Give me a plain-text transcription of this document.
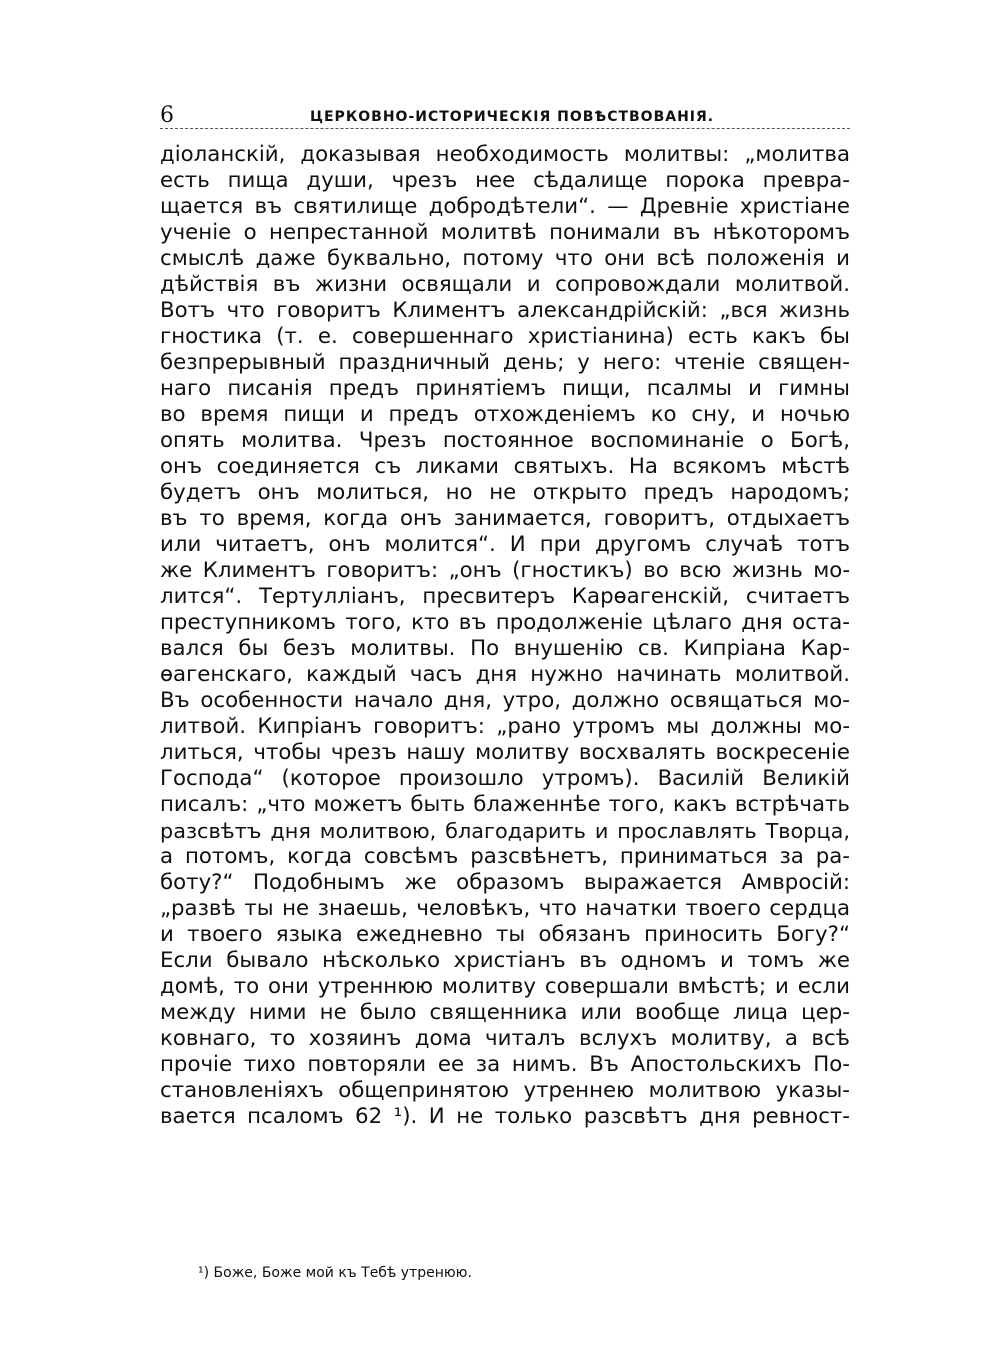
6	ЦЕРКОВНО-ИСТОРИЧЕСКІЯ ПОВѢСТВОВАНІЯ.
діоланскій, доказывая необходимость молитвы: „молитва
есть пища души, чрезъ нее сѣдалище порока превра-
щается въ святилище добродѣтели“. — Древніе христіане
ученіе о непрестанной молитвѣ понимали въ нѣкоторомъ
смыслѣ даже буквально, потому что они всѣ положенія и
дѣйствія въ жизни освящали и сопровождали молитвой.
Вотъ что говоритъ Климентъ александрійскій: „вся жизнь
гностика (т. е. совершеннаго христіанина) есть какъ бы
безпрерывный праздничный день; у него: чтеніе священ-
наго писанія предъ принятіемъ пищи, псалмы и гимны
во время пищи и предъ отхожденіемъ ко сну, и ночью
опять молитва. Чрезъ постоянное воспоминаніе о Богѣ,
онъ соединяется съ ликами святыхъ. На всякомъ мѣстѣ
будетъ онъ молиться, но не открыто предъ народомъ;
въ то время, когда онъ занимается, говоритъ, отдыхаетъ
или читаетъ, онъ молится“. И при другомъ случаѣ тотъ
же Климентъ говоритъ: „онъ (гностикъ) во всю жизнь мо-
лится“. Тертулліанъ, пресвитеръ Карѳагенскій, считаетъ
преступникомъ того, кто въ продолженіе цѣлаго дня оста-
вался бы безъ молитвы. По внушенію св. Кипріана Кар-
ѳагенскаго, каждый часъ дня нужно начинать молитвой.
Въ особенности начало дня, утро, должно освящаться мо-
литвой. Кипріанъ говоритъ: „рано утромъ мы должны мо-
литься, чтобы чрезъ нашу молитву восхвалять воскресеніе
Господа“ (которое произошло утромъ). Василій Великій
писалъ: „что можетъ быть блаженнѣе того, какъ встрѣчать
разсвѣтъ дня молитвою, благодарить и прославлять Творца,
а потомъ, когда совсѣмъ разсвѣнетъ, приниматься за ра-
боту?“ Подобнымъ же образомъ выражается Амвросій:
„развѣ ты не знаешь, человѣкъ, что начатки твоего сердца
и твоего языка ежедневно ты обязанъ приносить Богу?“
Если бывало нѣсколько христіанъ въ одномъ и томъ же
домѣ, то они утреннюю молитву совершали вмѣстѣ; и если
между ними не было священника или вообще лица цер-
ковнаго, то хозяинъ дома читалъ вслухъ молитву, а всѣ
прочіе тихо повторяли ее за нимъ. Въ Апостольскихъ По-
становленіяхъ общепринятою утреннею молитвою указы-
вается псаломъ 62 ¹). И не только разсвѣтъ дня ревност-
¹) Боже, Боже мой къ Тебѣ утренюю.
